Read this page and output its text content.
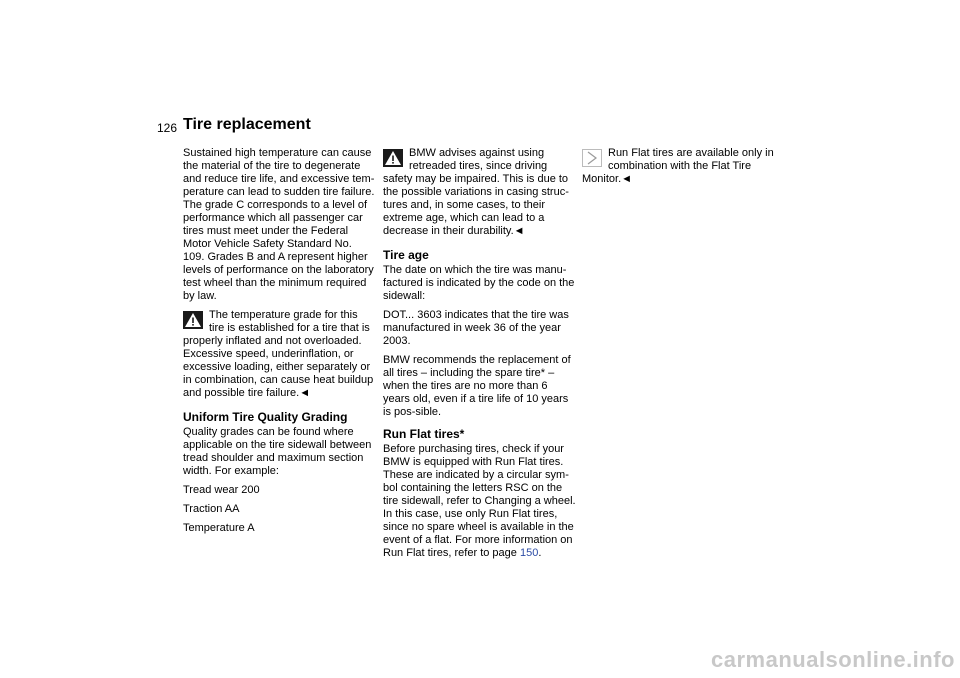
126 Tire replacement

Sustained high temperature can cause the material of the tire to degenerate and reduce tire life, and excessive tem-perature can lead to sudden tire failure. The grade C corresponds to a level of performance which all passenger car tires must meet under the Federal Motor Vehicle Safety Standard No. 109. Grades B and A represent higher levels of performance on the laboratory test wheel than the minimum required by law.

The temperature grade for this tire is established for a tire that is properly inflated and not overloaded. Excessive speed, underinflation, or excessive loading, either separately or in combination, can cause heat buildup and possible tire failure.◄
Uniform Tire Quality Grading

Quality grades can be found where applicable on the tire sidewall between tread shoulder and maximum section width. For example:

Tread wear 200

Traction AA

Temperature A

BMW advises against using retreaded tires, since driving safety may be impaired. This is due to the possible variations in casing struc-tures and, in some cases, to their extreme age, which can lead to a decrease in their durability.◄
Tire age

The date on which the tire was manu-factured is indicated by the code on the sidewall:

DOT... 3603 indicates that the tire was manufactured in week 36 of the year 2003.

BMW recommends the replacement of all tires – including the spare tire* – when the tires are no more than 6 years old, even if a tire life of 10 years is pos-sible.

Run Flat tires*

Before purchasing tires, check if your BMW is equipped with Run Flat tires. These are indicated by a circular sym-bol containing the letters RSC on the tire sidewall, refer to Changing a wheel. In this case, use only Run Flat tires, since no spare wheel is available in the event of a flat. For more information on Run Flat tires, refer to page 150.

Run Flat tires are available only in combination with the Flat Tire Monitor.◄
carmanualsonline.info
